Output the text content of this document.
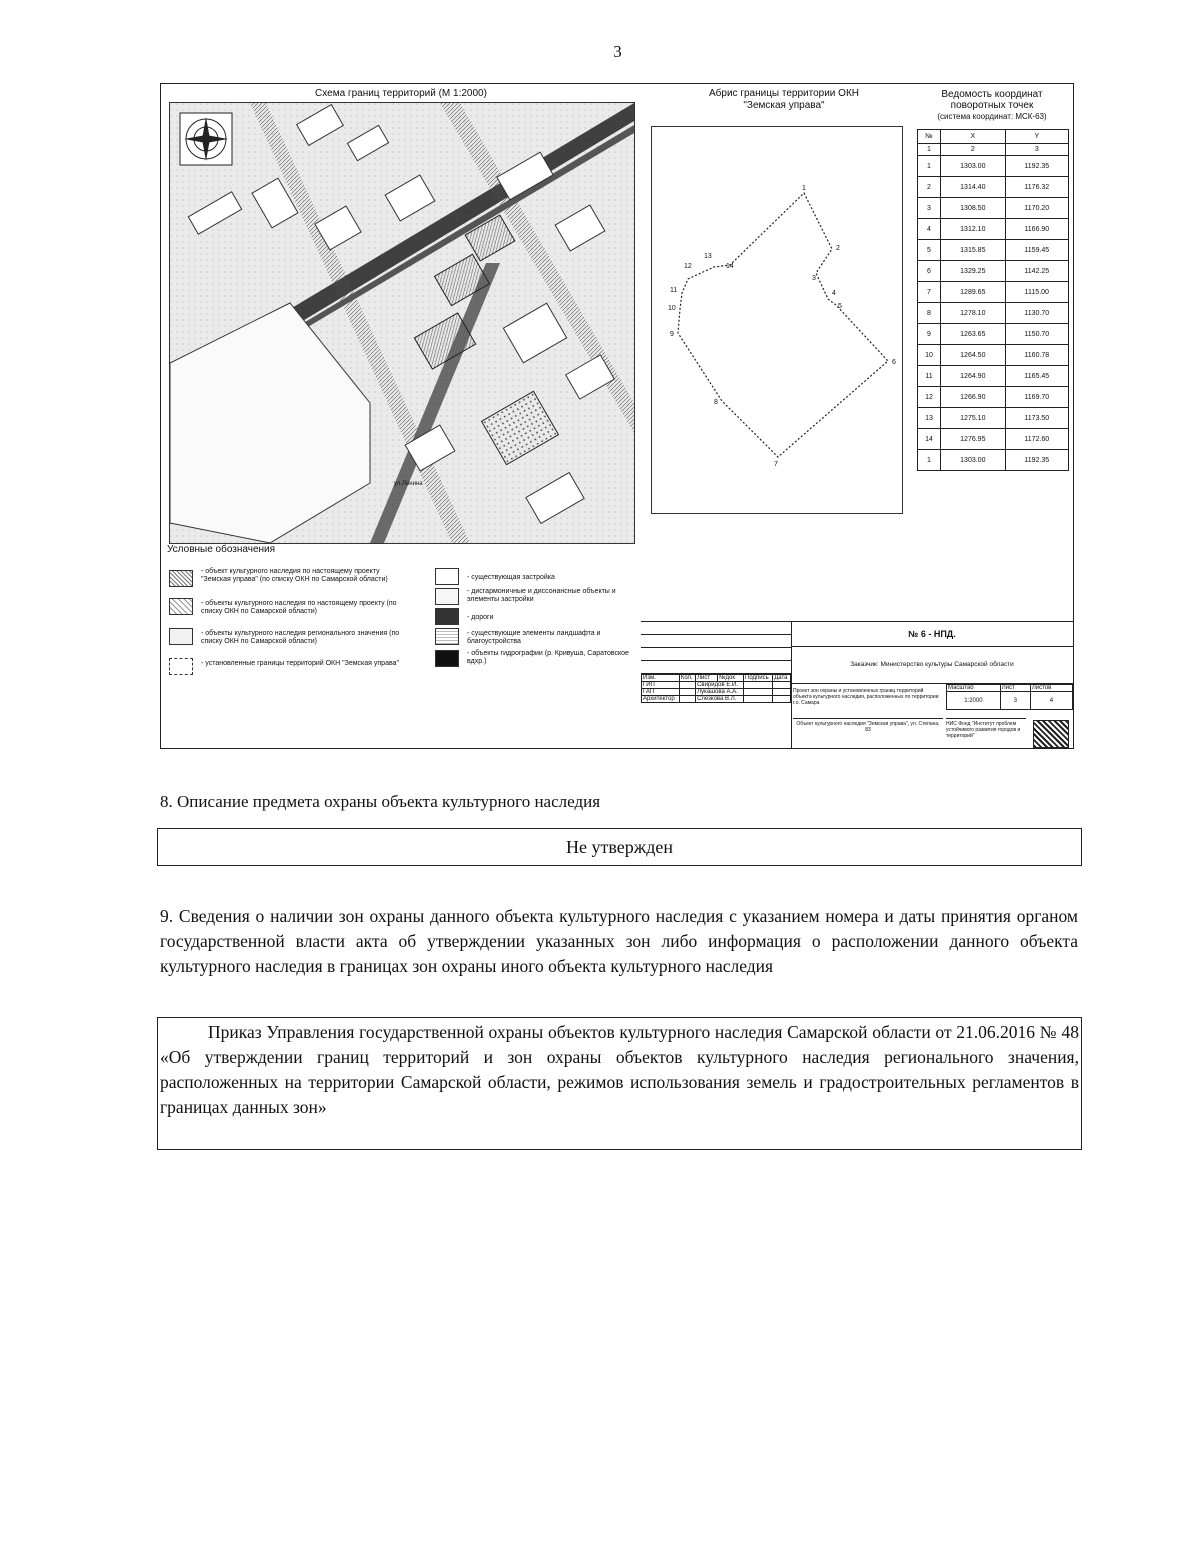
3
Схема границ территорий (М 1:2000)
ул.Ленина
Абрис границы территории ОКН
"Земская управа"
1
2
3
4
5
6
7
8
9
10
11
12
13
14
Ведомость координат
поворотных точек
(система координат: МСК-63)
№	X	Y
1	2	3
1	1303.00	1192.35
2	1314.40	1176.32
3	1308.50	1170.20
4	1312.10	1166.90
5	1315.85	1159.45
6	1329.25	1142.25
7	1289.65	1115.00
8	1278.10	1130.70
9	1263.65	1150.70
10	1264.50	1160.78
11	1264.90	1165.45
12	1266.90	1169.70
13	1275.10	1173.50
14	1276.95	1172.60
1	1303.00	1192.35
Условные обозначения
- объект культурного наследия по настоящему проекту "Земская управа" (по списку ОКН по Самарской области)
- объекты культурного наследия по настоящему проекту (по списку ОКН по Самарской области)
- объекты культурного наследия регионального значения (по списку ОКН по Самарской области)
- установленные границы территорий ОКН "Земская управа"
- существующая застройка
- дисгармоничные и диссонансные объекты и элементы застройки
- дороги
- существующие элементы ландшафта и благоустройства
- объекты гидрографии (р. Кривуша, Саратовское вдхр.)
Изм.	Кол.	Лист	№док	Подпись	Дата
ГИП		Свиридов Е.И.			
ГАП		Лукашова А.А.			
Архитектор		Слезкова В.Л.			
№ 6 - НПД.
Заказчик: Министерство культуры Самарской области
Проект зон охраны и установленных границ территорий объекта культурного наследия, расположенных по территории г.о. Самара
Масштаб	Лист	Листов
1:2000	3	4
Объект культурного наследия "Земская управа", ул. Степана, 83
НИС Фонд "Институт проблем устойчивого развития городов и территорий"
8. Описание предмета охраны объекта культурного наследия
Не утвержден
9. Сведения о наличии зон охраны данного объекта культурного наследия с указанием номера и даты принятия органом государственной власти акта об утверждении указанных зон либо информация о расположении данного объекта культурного наследия в границах зон охраны иного объекта культурного наследия

Приказ Управления государственной охраны объектов культурного наследия Самарской области от 21.06.2016 № 48 «Об утверждении границ территорий и зон охраны объектов культурного наследия регионального значения, расположенных на территории Самарской области, режимов использования земель и градостроительных регламентов в границах данных зон»
